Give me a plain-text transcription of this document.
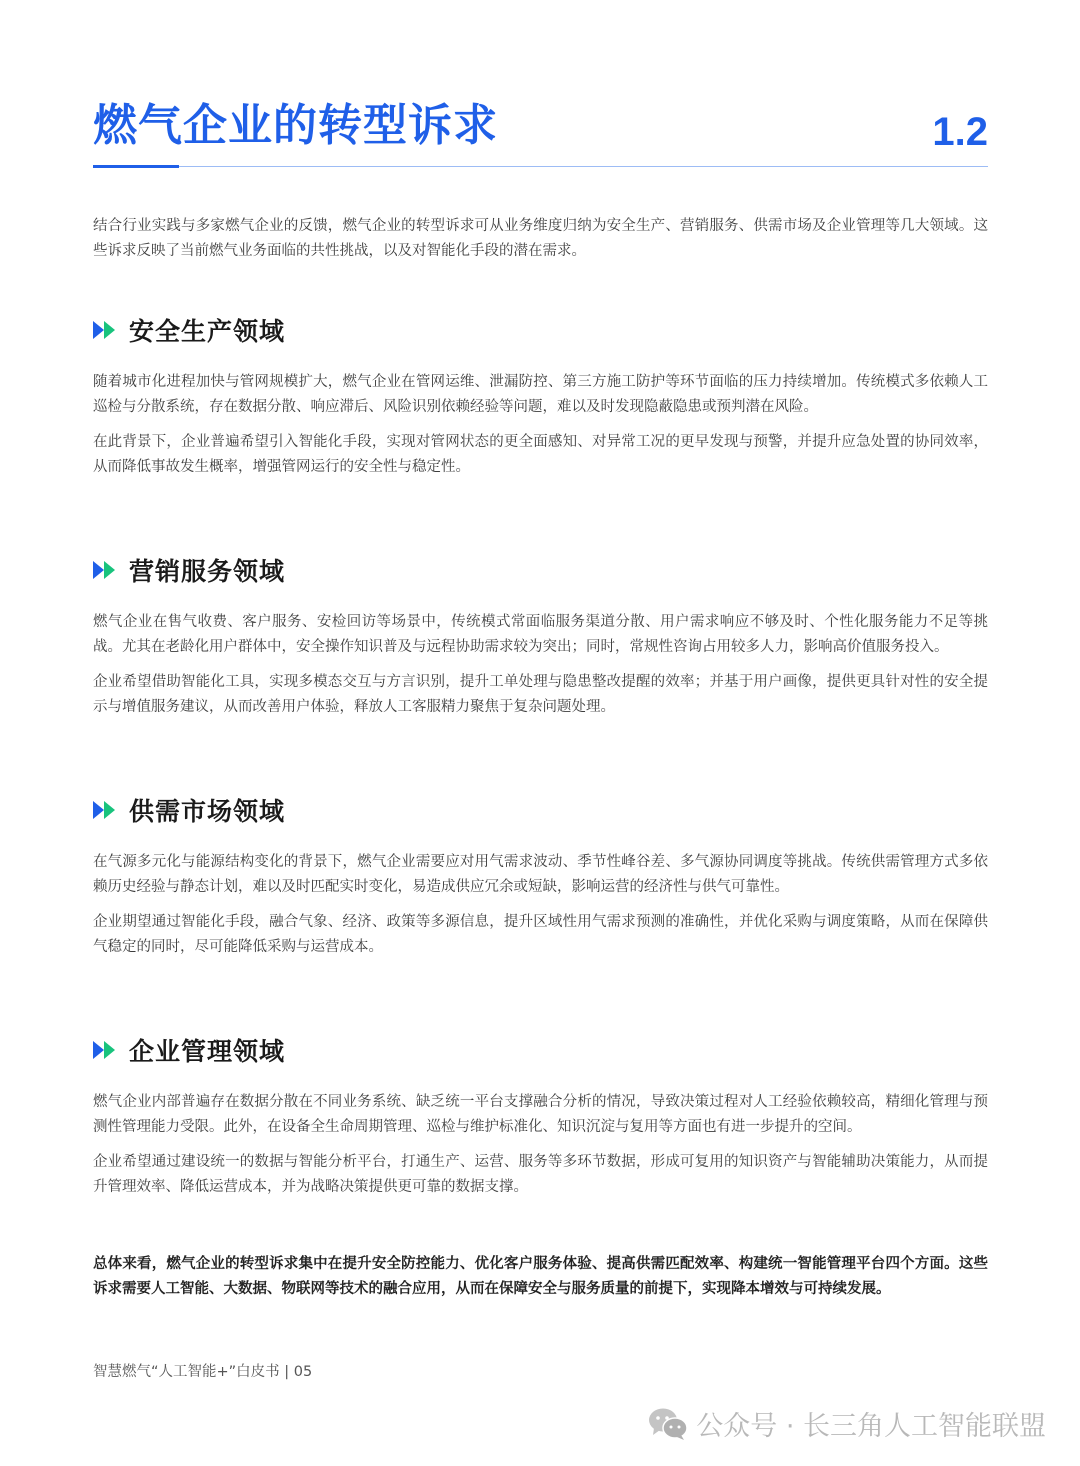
燃气企业的转型诉求	1.2

结合行业实践与多家燃气企业的反馈，燃气企业的转型诉求可从业务维度归纳为安全生产、营销服务、供需市场及企业管理等几大领域。这些诉求反映了当前燃气业务面临的共性挑战，以及对智能化手段的潜在需求。

安全生产领域

随着城市化进程加快与管网规模扩大，燃气企业在管网运维、泄漏防控、第三方施工防护等环节面临的压力持续增加。传统模式多依赖人工巡检与分散系统，存在数据分散、响应滞后、风险识别依赖经验等问题，难以及时发现隐蔽隐患或预判潜在风险。

在此背景下，企业普遍希望引入智能化手段，实现对管网状态的更全面感知、对异常工况的更早发现与预警，并提升应急处置的协同效率，从而降低事故发生概率，增强管网运行的安全性与稳定性。

营销服务领域

燃气企业在售气收费、客户服务、安检回访等场景中，传统模式常面临服务渠道分散、用户需求响应不够及时、个性化服务能力不足等挑战。尤其在老龄化用户群体中，安全操作知识普及与远程协助需求较为突出；同时，常规性咨询占用较多人力，影响高价值服务投入。

企业希望借助智能化工具，实现多模态交互与方言识别，提升工单处理与隐患整改提醒的效率；并基于用户画像，提供更具针对性的安全提示与增值服务建议，从而改善用户体验，释放人工客服精力聚焦于复杂问题处理。

供需市场领域

在气源多元化与能源结构变化的背景下，燃气企业需要应对用气需求波动、季节性峰谷差、多气源协同调度等挑战。传统供需管理方式多依赖历史经验与静态计划，难以及时匹配实时变化，易造成供应冗余或短缺，影响运营的经济性与供气可靠性。

企业期望通过智能化手段，融合气象、经济、政策等多源信息，提升区域性用气需求预测的准确性，并优化采购与调度策略，从而在保障供气稳定的同时，尽可能降低采购与运营成本。

企业管理领域

燃气企业内部普遍存在数据分散在不同业务系统、缺乏统一平台支撑融合分析的情况，导致决策过程对人工经验依赖较高，精细化管理与预测性管理能力受限。此外，在设备全生命周期管理、巡检与维护标准化、知识沉淀与复用等方面也有进一步提升的空间。

企业希望通过建设统一的数据与智能分析平台，打通生产、运营、服务等多环节数据，形成可复用的知识资产与智能辅助决策能力，从而提升管理效率、降低运营成本，并为战略决策提供更可靠的数据支撑。

总体来看，燃气企业的转型诉求集中在提升安全防控能力、优化客户服务体验、提高供需匹配效率、构建统一智能管理平台四个方面。这些诉求需要人工智能、大数据、物联网等技术的融合应用，从而在保障安全与服务质量的前提下，实现降本增效与可持续发展。

智慧燃气“人工智能+”白皮书 | 05
公众号 · 长三角人工智能联盟
